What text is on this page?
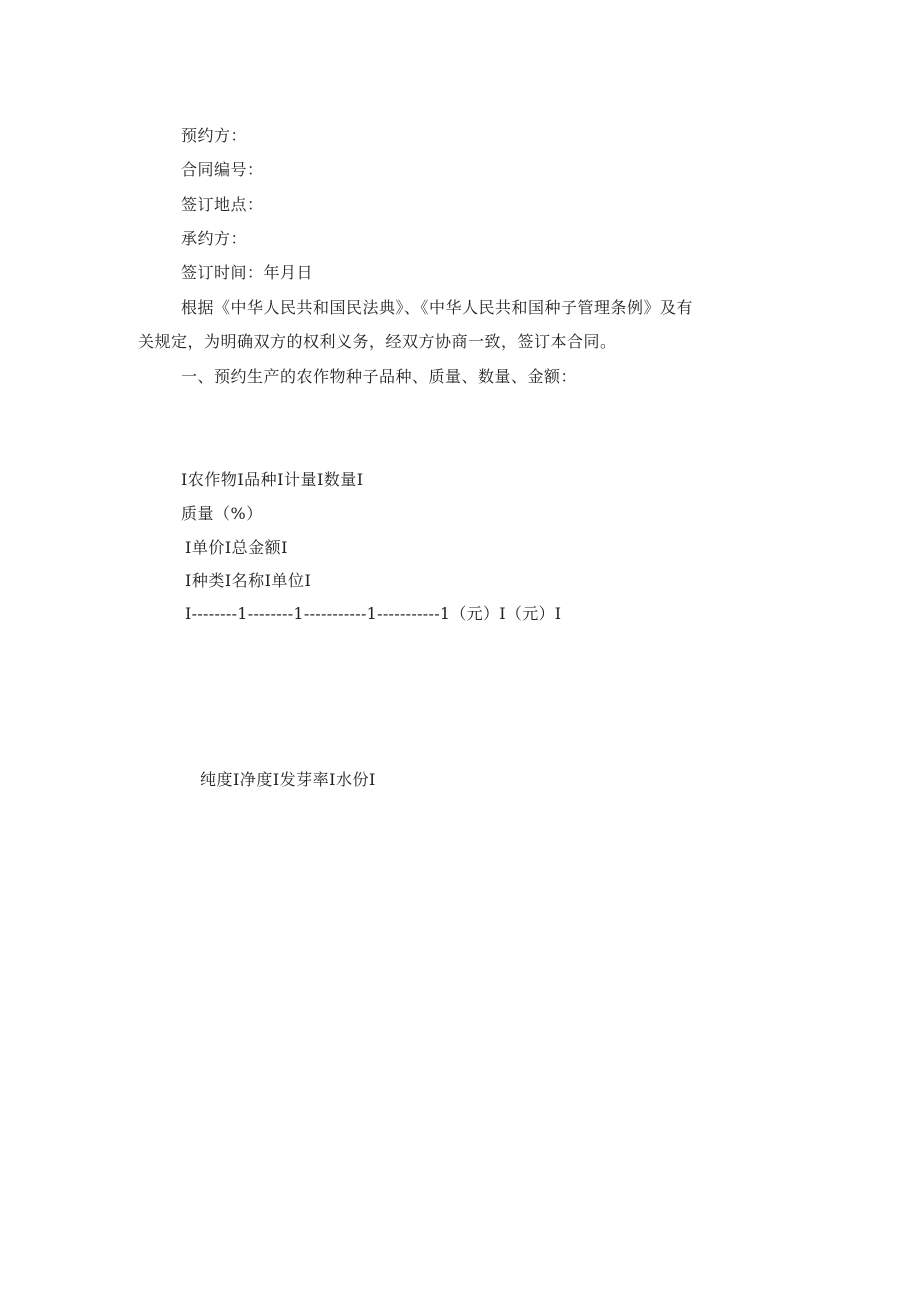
预约方：
合同编号：
签订地点：
承约方：
签订时间：年月日
根据《中华人民共和国民法典》、《中华人民共和国种子管理条例》及有
关规定，为明确双方的权利义务，经双方协商一致，签订本合同。
一、预约生产的农作物种子品种、质量、数量、金额：
I农作物I品种I计量I数量I
质量（%）
I单价I总金额I
I种类I名称I单位I
I--------1--------1-----------1-----------1（元）I（元）I
纯度I净度I发芽率I水份I
